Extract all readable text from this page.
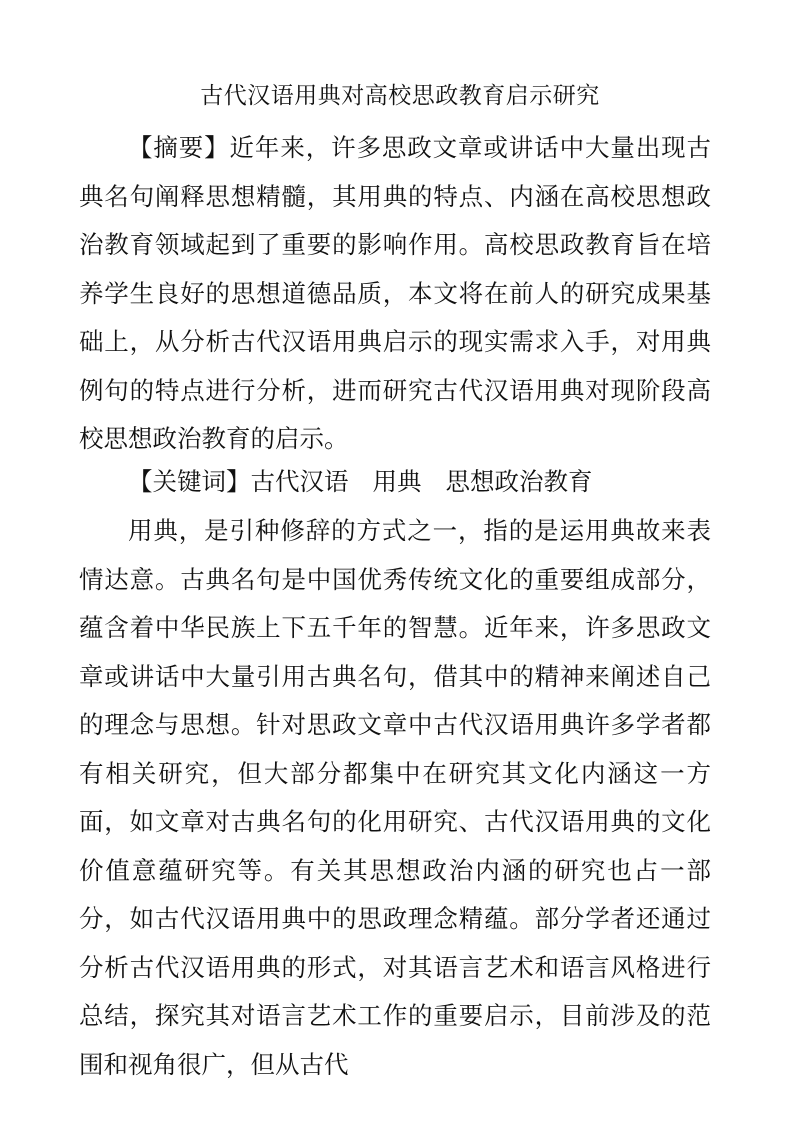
古代汉语用典对高校思政教育启示研究
【摘要】近年来，许多思政文章或讲话中大量出现古典名句阐释思想精髓，其用典的特点、内涵在高校思想政治教育领域起到了重要的影响作用。高校思政教育旨在培养学生良好的思想道德品质，本文将在前人的研究成果基础上，从分析古代汉语用典启示的现实需求入手，对用典例句的特点进行分析，进而研究古代汉语用典对现阶段高校思想政治教育的启示。
【关键词】古代汉语 用典 思想政治教育
用典，是引种修辞的方式之一，指的是运用典故来表情达意。古典名句是中国优秀传统文化的重要组成部分，蕴含着中华民族上下五千年的智慧。近年来，许多思政文章或讲话中大量引用古典名句，借其中的精神来阐述自己的理念与思想。针对思政文章中古代汉语用典许多学者都有相关研究，但大部分都集中在研究其文化内涵这一方面，如文章对古典名句的化用研究、古代汉语用典的文化价值意蕴研究等。有关其思想政治内涵的研究也占一部分，如古代汉语用典中的思政理念精蕴。部分学者还通过分析古代汉语用典的形式，对其语言艺术和语言风格进行总结，探究其对语言艺术工作的重要启示，目前涉及的范围和视角很广，但从古代
